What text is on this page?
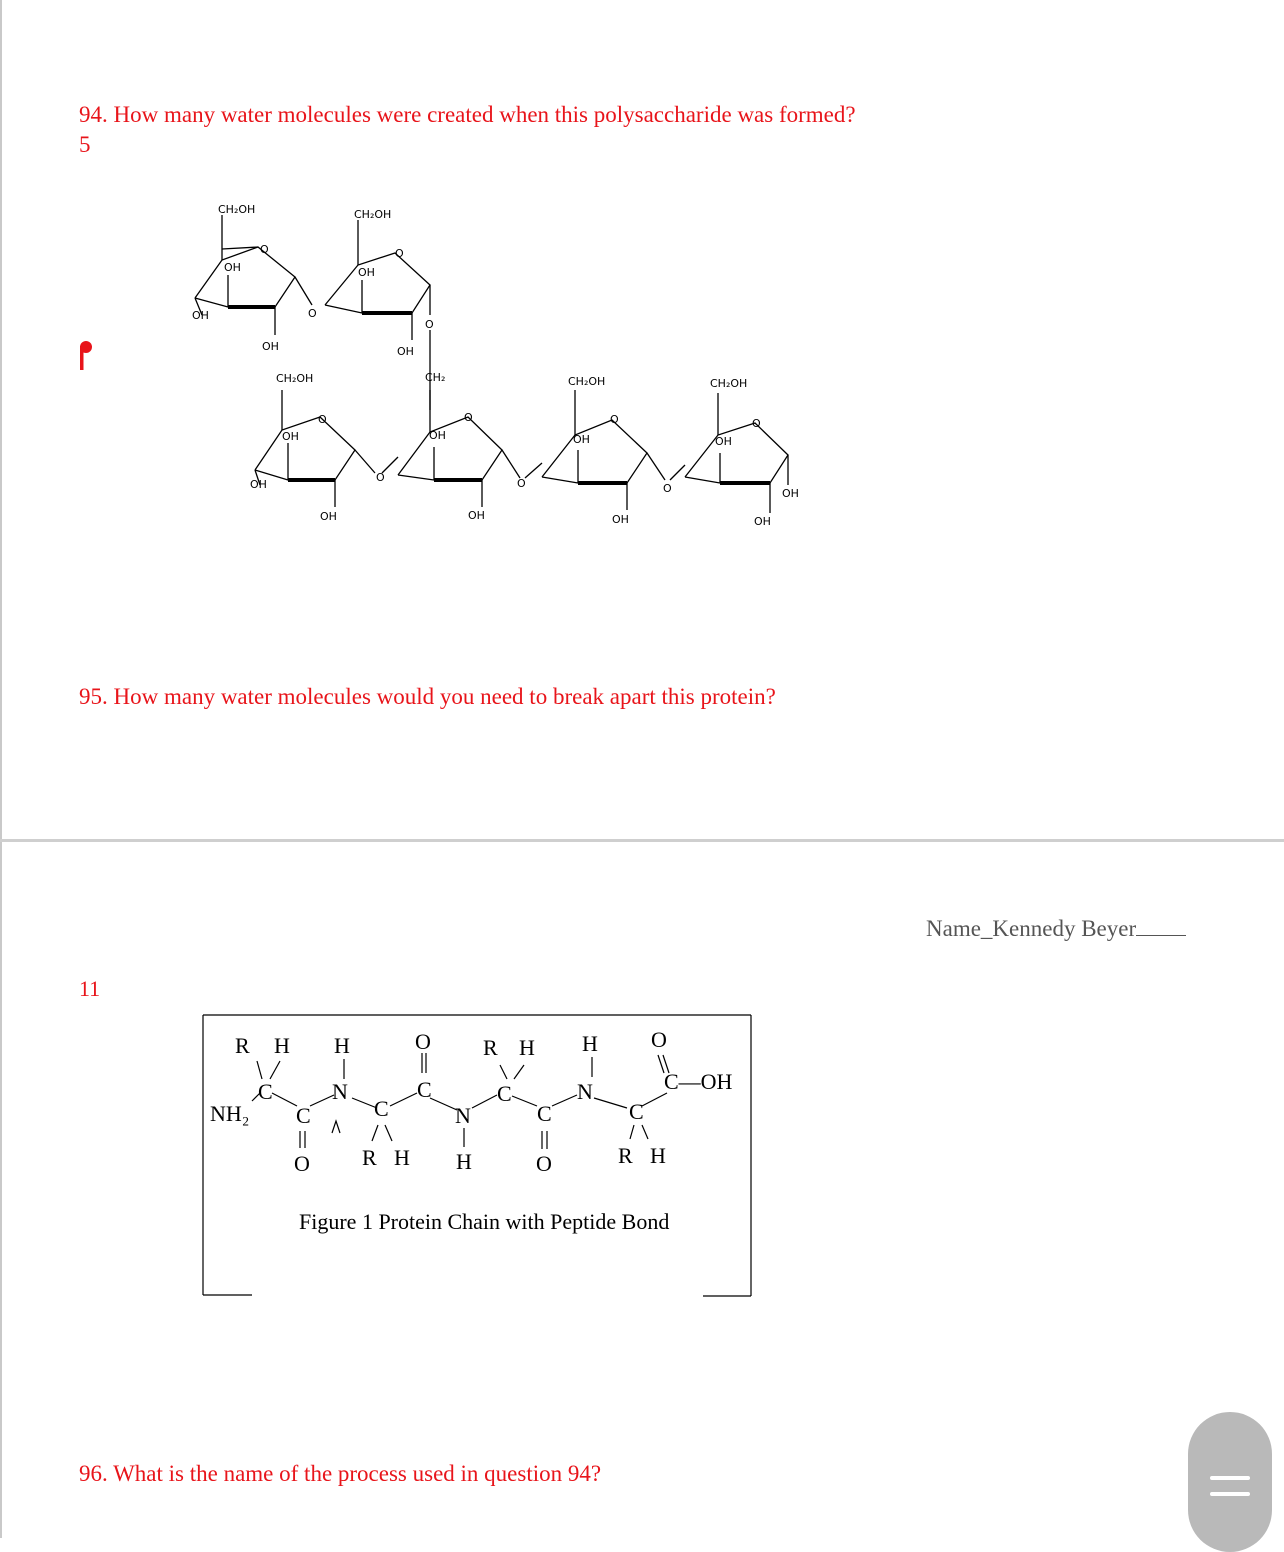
94. How many water molecules were created when this polysaccharide was formed?
5
CH₂OH	CH₂OH
O	O
OH	OH
OH	O
O
OH	OH
CH₂OH	CH₂	CH₂OH	CH₂OH
O	O	O	O
OH	OH	OH	OH
OH
O	O	O	OH
OH	OH	OH	OH
95. How many water molecules would you need to break apart this protein?
Name_Kennedy Beyer
11
R H H	O R H H O
C	N	C	C	N	C—OH
NH₂ C	C	N	C	C
O R H H	O	R H
Figure 1 Protein Chain with Peptide Bond
96. What is the name of the process used in question 94?
